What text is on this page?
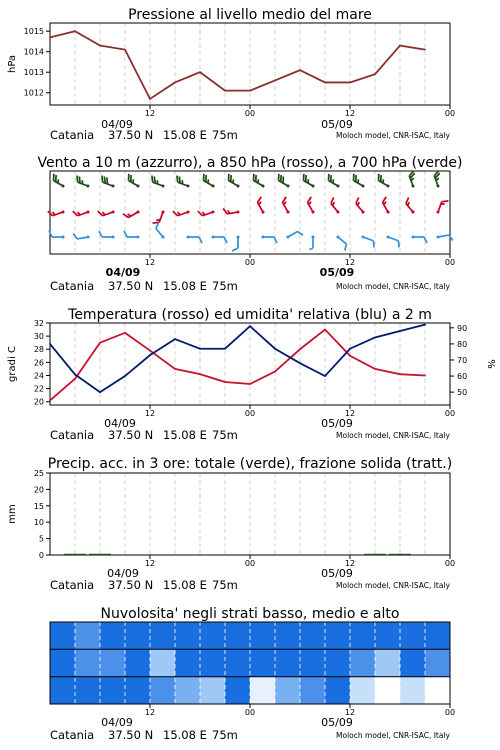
Pressione al livello medio del mare
1012
1013
1014
1015
hPa
12	00	12	00
04/09	05/09
Catania 37.50 N 15.08 E 75m	Moloch model, CNR-ISAC, Italy
Vento a 10 m (azzurro), a 850 hPa (rosso), a 700 hPa (verde)
12	00	12	00
04/09	05/09
Catania 37.50 N 15.08 E 75m	Moloch model, CNR-ISAC, Italy
Temperatura (rosso) ed umidita' relativa (blu) a 2 m
20
22
24
26
28
30
32
50
60
70
80
90
gradi C	%
12	00	12	00
04/09	05/09
Catania 37.50 N 15.08 E 75m	Moloch model, CNR-ISAC, Italy
Precip. acc. in 3 ore: totale (verde), frazione solida (tratt.)
0
5
10
15
20
25
mm
12	00	12	00
04/09	05/09
Catania 37.50 N 15.08 E 75m	Moloch model, CNR-ISAC, Italy
Nuvolosita' negli strati basso, medio e alto
12	00	12	00
04/09	05/09
Catania 37.50 N 15.08 E 75m	Moloch model, CNR-ISAC, Italy
